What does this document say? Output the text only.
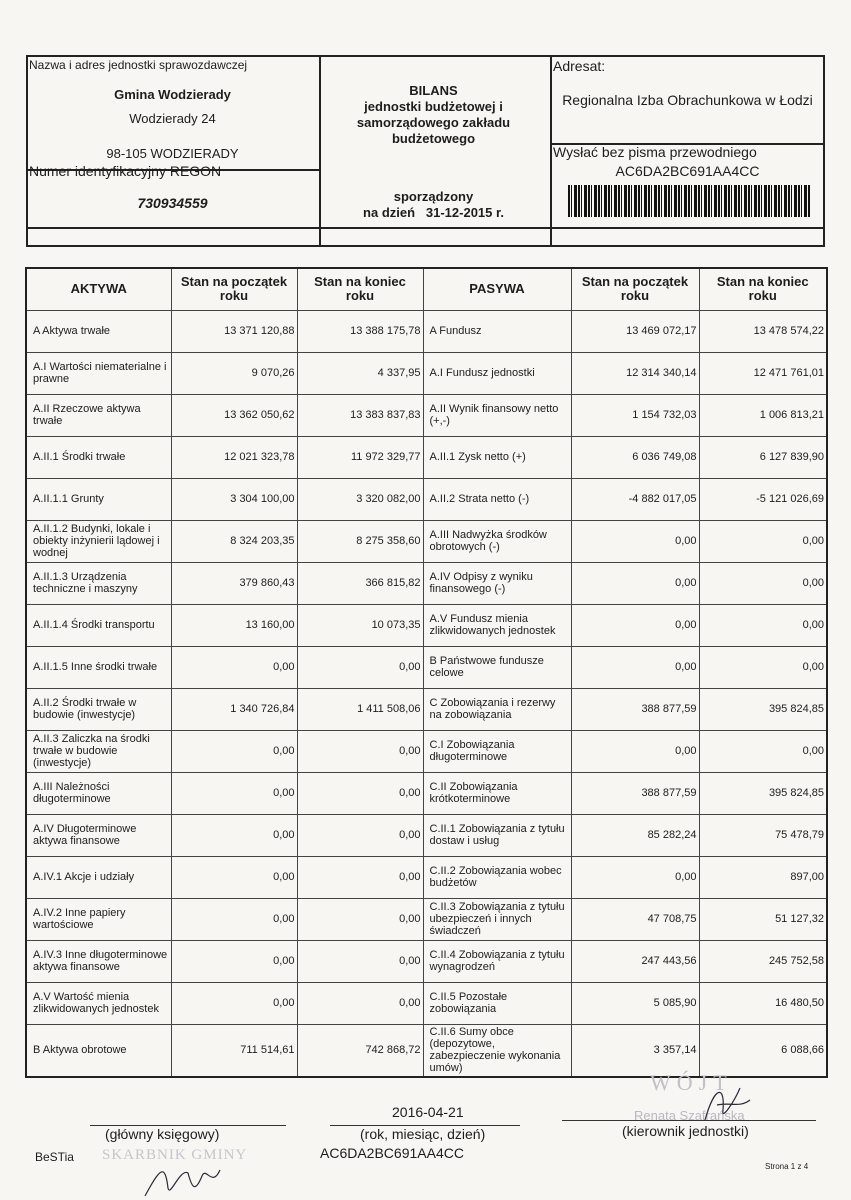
Nazwa i adres jednostki sprawozdawczej
Gmina Wodzierady
Wodzierady 24
98-105 WODZIERADY
Numer identyfikacyjny REGON
730934559
BILANS
jednostki budżetowej i
samorządowego zakładu
budżetowego
sporządzony
na dzień 31-12-2015 r.
Adresat:
Regionalna Izba Obrachunkowa w Łodzi
Wysłać bez pisma przewodniego
AC6DA2BC691AA4CC
AKTYWA	Stan na początek roku	Stan na koniec roku	PASYWA	Stan na początek roku	Stan na koniec roku
A Aktywa trwałe	13 371 120,88	13 388 175,78	A Fundusz	13 469 072,17	13 478 574,22
A.I Wartości niematerialne i prawne	9 070,26	4 337,95	A.I Fundusz jednostki	12 314 340,14	12 471 761,01
A.II Rzeczowe aktywa trwałe	13 362 050,62	13 383 837,83	A.II Wynik finansowy netto (+,-)	1 154 732,03	1 006 813,21
A.II.1 Środki trwałe	12 021 323,78	11 972 329,77	A.II.1 Zysk netto (+)	6 036 749,08	6 127 839,90
A.II.1.1 Grunty	3 304 100,00	3 320 082,00	A.II.2 Strata netto (-)	-4 882 017,05	-5 121 026,69
A.II.1.2 Budynki, lokale i obiekty inżynierii lądowej i wodnej	8 324 203,35	8 275 358,60	A.III Nadwyżka środków obrotowych (-)	0,00	0,00
A.II.1.3 Urządzenia techniczne i maszyny	379 860,43	366 815,82	A.IV Odpisy z wyniku finansowego (-)	0,00	0,00
A.II.1.4 Środki transportu	13 160,00	10 073,35	A.V Fundusz mienia zlikwidowanych jednostek	0,00	0,00
A.II.1.5 Inne środki trwałe	0,00	0,00	B Państwowe fundusze celowe	0,00	0,00
A.II.2 Środki trwałe w budowie (inwestycje)	1 340 726,84	1 411 508,06	C Zobowiązania i rezerwy na zobowiązania	388 877,59	395 824,85
A.II.3 Zaliczka na środki trwałe w budowie (inwestycje)	0,00	0,00	C.I Zobowiązania długoterminowe	0,00	0,00
A.III Należności długoterminowe	0,00	0,00	C.II Zobowiązania krótkoterminowe	388 877,59	395 824,85
A.IV Długoterminowe aktywa finansowe	0,00	0,00	C.II.1 Zobowiązania z tytułu dostaw i usług	85 282,24	75 478,79
A.IV.1 Akcje i udziały	0,00	0,00	C.II.2 Zobowiązania wobec budżetów	0,00	897,00
A.IV.2 Inne papiery wartościowe	0,00	0,00	C.II.3 Zobowiązania z tytułu ubezpieczeń i innych świadczeń	47 708,75	51 127,32
A.IV.3 Inne długoterminowe aktywa finansowe	0,00	0,00	C.II.4 Zobowiązania z tytułu wynagrodzeń	247 443,56	245 752,58
A.V Wartość mienia zlikwidowanych jednostek	0,00	0,00	C.II.5 Pozostałe zobowiązania	5 085,90	16 480,50
B Aktywa obrotowe	711 514,61	742 868,72	C.II.6 Sumy obce (depozytowe, zabezpieczenie wykonania umów)	3 357,14	6 088,66
(główny księgowy)
2016-04-21
(rok, miesiąc, dzień)
AC6DA2BC691AA4CC
(kierownik jednostki)
BeSTia
Strona 1 z 4
SKARBNIK GMINY
WÓJT
Renata Szafrańska
